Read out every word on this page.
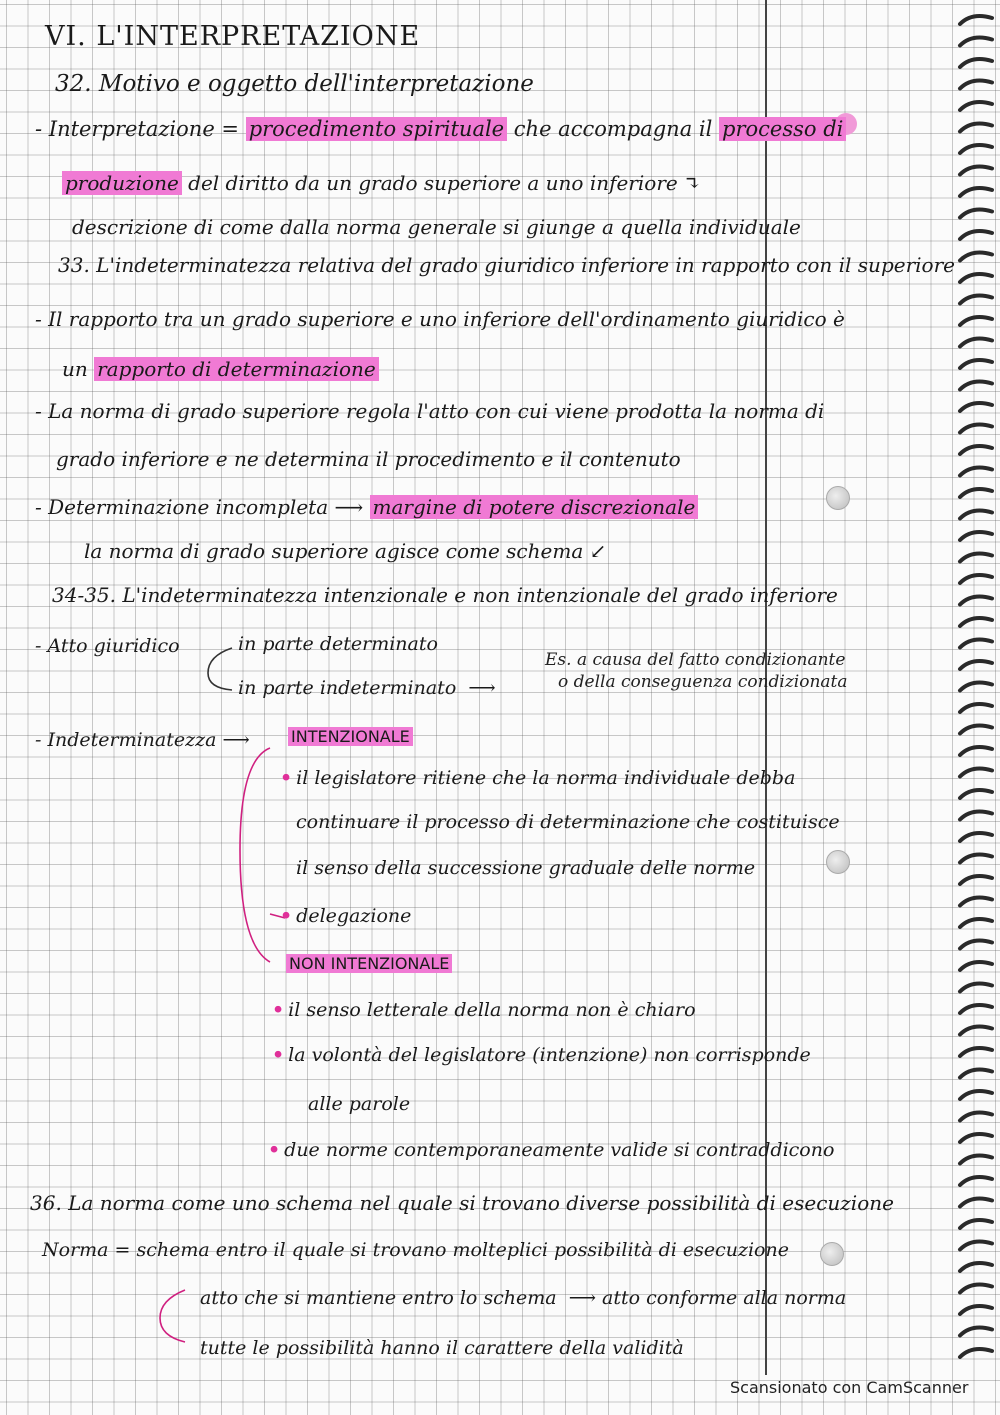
VI. L'INTERPRETAZIONE
32. Motivo e oggetto dell'interpretazione
- Interpretazione = procedimento spirituale che accompagna il processo di
produzione del diritto da un grado superiore a uno inferiore ↴
descrizione di come dalla norma generale si giunge a quella individuale
33. L'indeterminatezza relativa del grado giuridico inferiore in rapporto con il superiore
- Il rapporto tra un grado superiore e uno inferiore dell'ordinamento giuridico è
un rapporto di determinazione
- La norma di grado superiore regola l'atto con cui viene prodotta la norma di
grado inferiore e ne determina il procedimento e il contenuto
- Determinazione incompleta ⟶ margine di potere discrezionale
la norma di grado superiore agisce come schema ↙
34-35. L'indeterminatezza intenzionale e non intenzionale del grado inferiore
- Atto giuridico	in parte determinato
in parte indeterminato ⟶
Es. a causa del fatto condizionante
o della conseguenza condizionata
- Indeterminatezza ⟶	INTENZIONALE
• il legislatore ritiene che la norma individuale debba
continuare il processo di determinazione che costituisce
il senso della successione graduale delle norme
• delegazione
NON INTENZIONALE
• il senso letterale della norma non è chiaro
• la volontà del legislatore (intenzione) non corrisponde
alle parole
• due norme contemporaneamente valide si contraddicono
36. La norma come uno schema nel quale si trovano diverse possibilità di esecuzione
Norma = schema entro il quale si trovano molteplici possibilità di esecuzione
atto che si mantiene entro lo schema ⟶ atto conforme alla norma
tutte le possibilità hanno il carattere della validità
Scansionato con CamScanner
